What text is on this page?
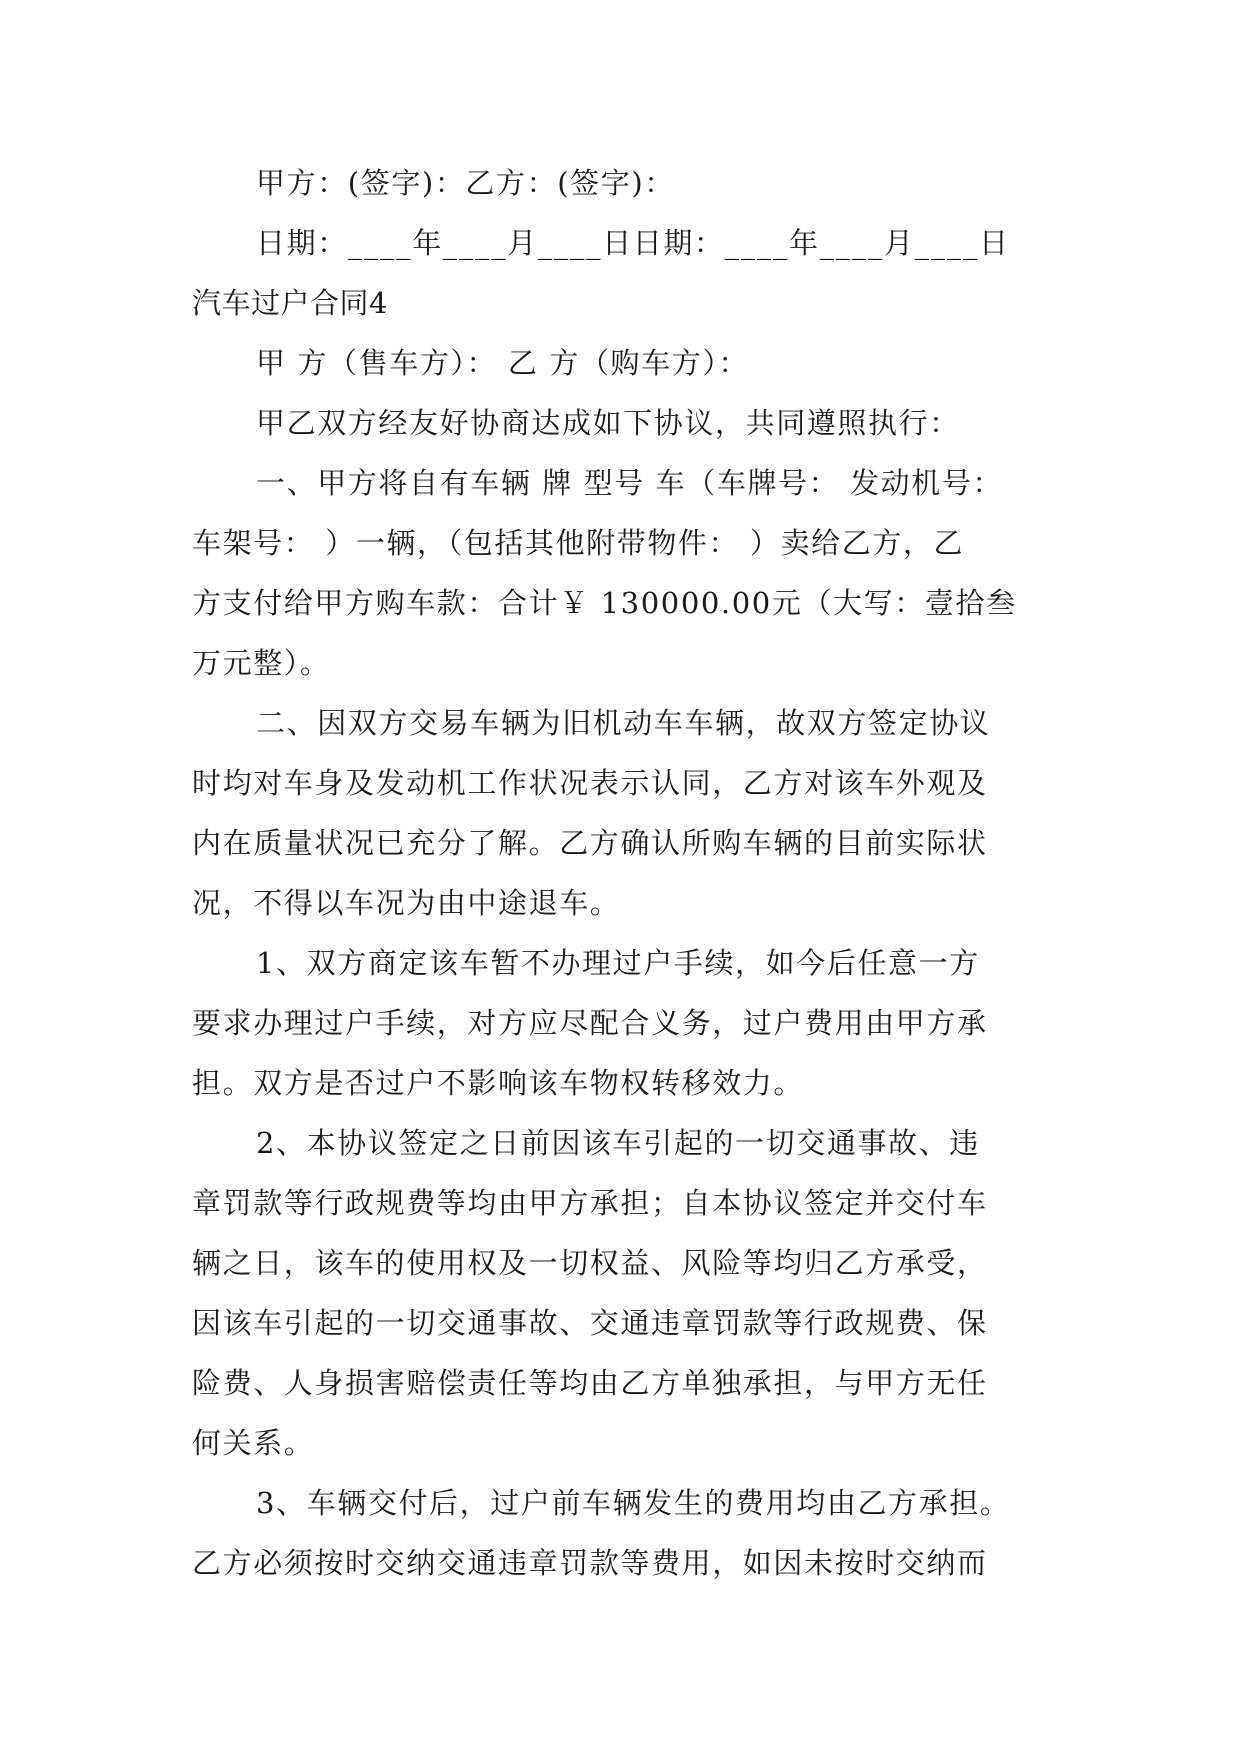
甲方：(签字)：乙方：(签字)：
日期：____年____月____日日期：____年____月____日
汽车过户合同4
甲 方（售车方）： 乙 方（购车方）：
甲乙双方经友好协商达成如下协议，共同遵照执行：
一、甲方将自有车辆 牌 型号 车（车牌号： 发动机号：
车架号： ）一辆，（包括其他附带物件： ）卖给乙方，乙
方支付给甲方购车款：合计￥ 130000.00元（大写：壹拾叁
万元整）。
二、因双方交易车辆为旧机动车车辆，故双方签定协议
时均对车身及发动机工作状况表示认同，乙方对该车外观及
内在质量状况已充分了解。乙方确认所购车辆的目前实际状
况，不得以车况为由中途退车。
1、双方商定该车暂不办理过户手续，如今后任意一方
要求办理过户手续，对方应尽配合义务，过户费用由甲方承
担。双方是否过户不影响该车物权转移效力。
2、本协议签定之日前因该车引起的一切交通事故、违
章罚款等行政规费等均由甲方承担；自本协议签定并交付车
辆之日，该车的使用权及一切权益、风险等均归乙方承受，
因该车引起的一切交通事故、交通违章罚款等行政规费、保
险费、人身损害赔偿责任等均由乙方单独承担，与甲方无任
何关系。
3、车辆交付后，过户前车辆发生的费用均由乙方承担。
乙方必须按时交纳交通违章罚款等费用，如因未按时交纳而
